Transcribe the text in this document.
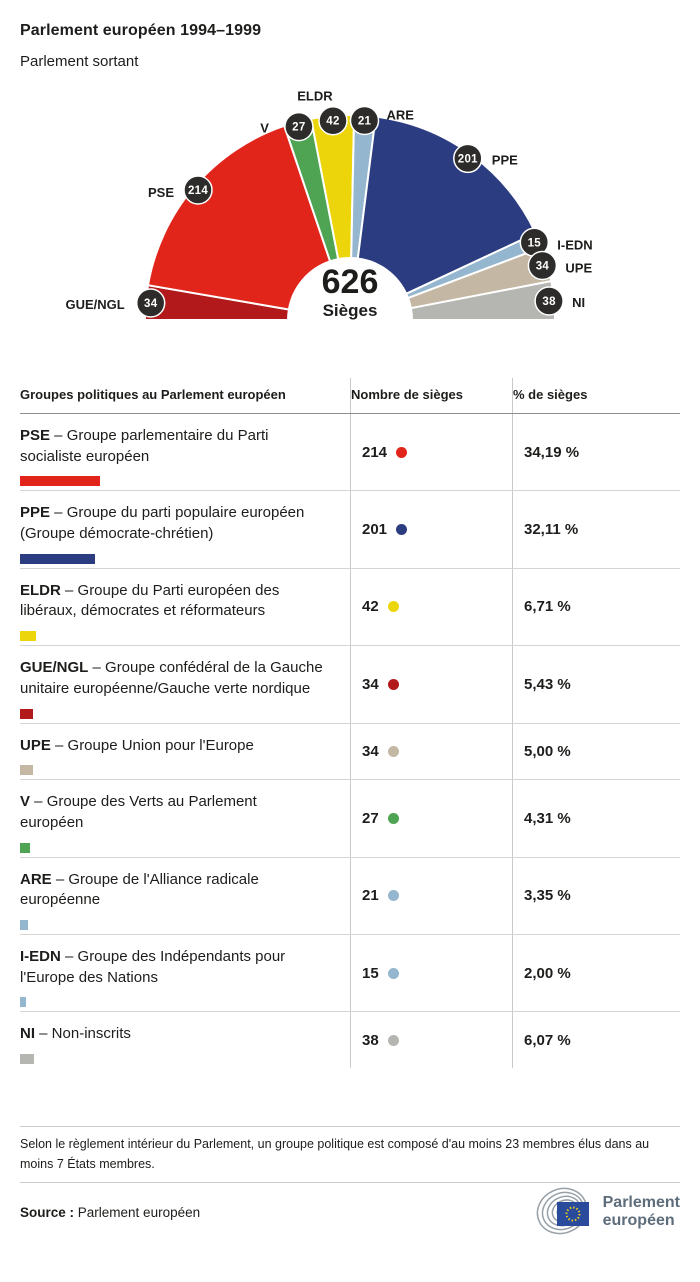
Parlement européen 1994–1999
Parlement sortant
626
Sièges
34
GUE/NGL
214
PSE
27
V	42
ELDR
21 ARE
201 PPE
15 I-EDN
34 UPE
38 NI
Groupes politiques au Parlement européen	Nombre de sièges	% de sièges
PSE – Groupe parlementaire du Parti socialiste européen	214	34,19 %
PPE – Groupe du parti populaire européen (Groupe démocrate-chrétien)	201	32,11 %
ELDR – Groupe du Parti européen des libéraux, démocrates et réformateurs	42	6,71 %
GUE/NGL – Groupe confédéral de la Gauche unitaire européenne/Gauche verte nordique	34	5,43 %
UPE – Groupe Union pour l'Europe	34	5,00 %
V – Groupe des Verts au Parlement européen	27	4,31 %
ARE – Groupe de l'Alliance radicale européenne	21	3,35 %
I-EDN – Groupe des Indépendants pour l'Europe des Nations	15	2,00 %
NI – Non-inscrits	38	6,07 %
Selon le règlement intérieur du Parlement, un groupe politique est composé d'au moins 23 membres élus dans au moins 7 États membres.
Source : Parlement européen
Parlement
européen
